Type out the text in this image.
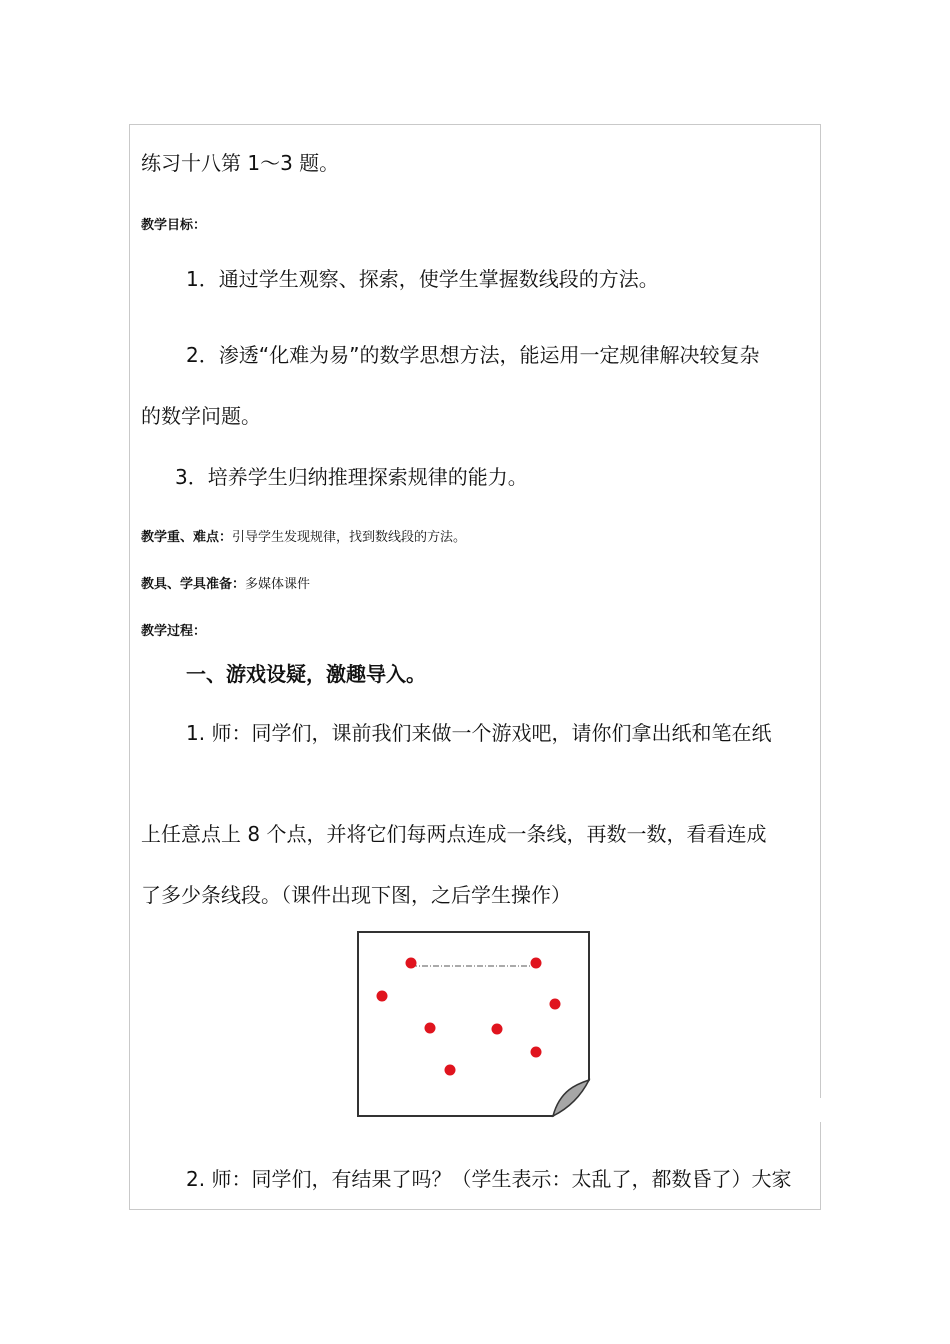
练习十八第 1～3 题。
教学目标：
1．通过学生观察、探索，使学生掌握数线段的方法。
2．渗透“化难为易”的数学思想方法，能运用一定规律解决较复杂
的数学问题。
3．培养学生归纳推理探索规律的能力。
教学重、难点：引导学生发现规律，找到数线段的方法。
教具、学具准备：多媒体课件
教学过程：
一、游戏设疑，激趣导入。
1. 师：同学们，课前我们来做一个游戏吧，请你们拿出纸和笔在纸
上任意点上 8 个点，并将它们每两点连成一条线，再数一数，看看连成
了多少条线段。（课件出现下图，之后学生操作）
2. 师：同学们，有结果了吗？（学生表示：太乱了，都数昏了）大家
